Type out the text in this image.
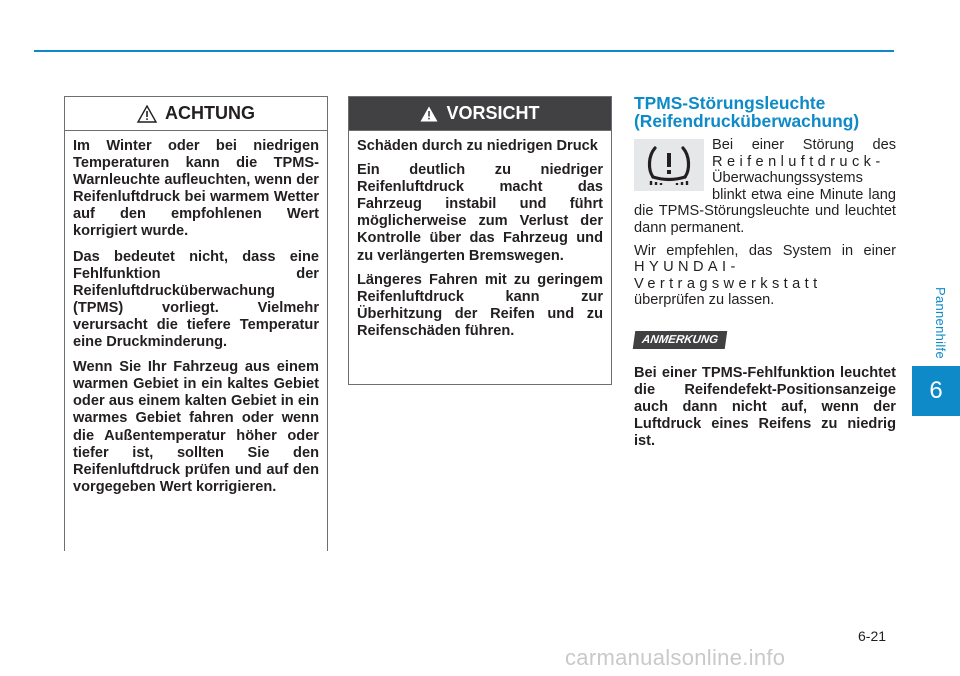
Pannenhilfe
6
ACHTUNG

Im Winter oder bei niedrigen Temperaturen kann die TPMS-Warnleuchte aufleuchten, wenn der Reifenluftdruck bei warmem Wetter auf den empfohlenen Wert korrigiert wurde.

Das bedeutet nicht, dass eine Fehlfunktion der Reifenluftdrucküberwachung (TPMS) vorliegt. Vielmehr verursacht die tiefere Temperatur eine Druckminderung.

Wenn Sie Ihr Fahrzeug aus einem warmen Gebiet in ein kaltes Gebiet oder aus einem kalten Gebiet in ein warmes Gebiet fahren oder wenn die Außentemperatur höher oder tiefer ist, sollten Sie den Reifenluftdruck prüfen und auf den vorgegeben Wert korrigieren.

VORSICHT

Schäden durch zu niedrigen Druck

Ein deutlich zu niedriger Reifenluftdruck macht das Fahrzeug instabil und führt möglicherweise zum Verlust der Kontrolle über das Fahrzeug und zu verlängerten Bremswegen.

Längeres Fahren mit zu geringem Reifenluftdruck kann zur Überhitzung der Reifen und zu Reifenschäden führen.

TPMS-Störungsleuchte
(Reifendrucküberwachung)

Bei einer Störung des Reifenluftdruck- Überwachungssystems blinkt etwa eine Minute lang die TPMS-Störungsleuchte und leuchtet dann permanent.

Wir empfehlen, das System in einer HYUNDAI-Vertragswerkstatt überprüfen zu lassen.

ANMERKUNG
Bei einer TPMS-Fehlfunktion leuchtet die Reifendefekt-Positionsanzeige auch dann nicht auf, wenn der Luftdruck eines Reifens zu niedrig ist.
6-21
carmanualsonline.info
